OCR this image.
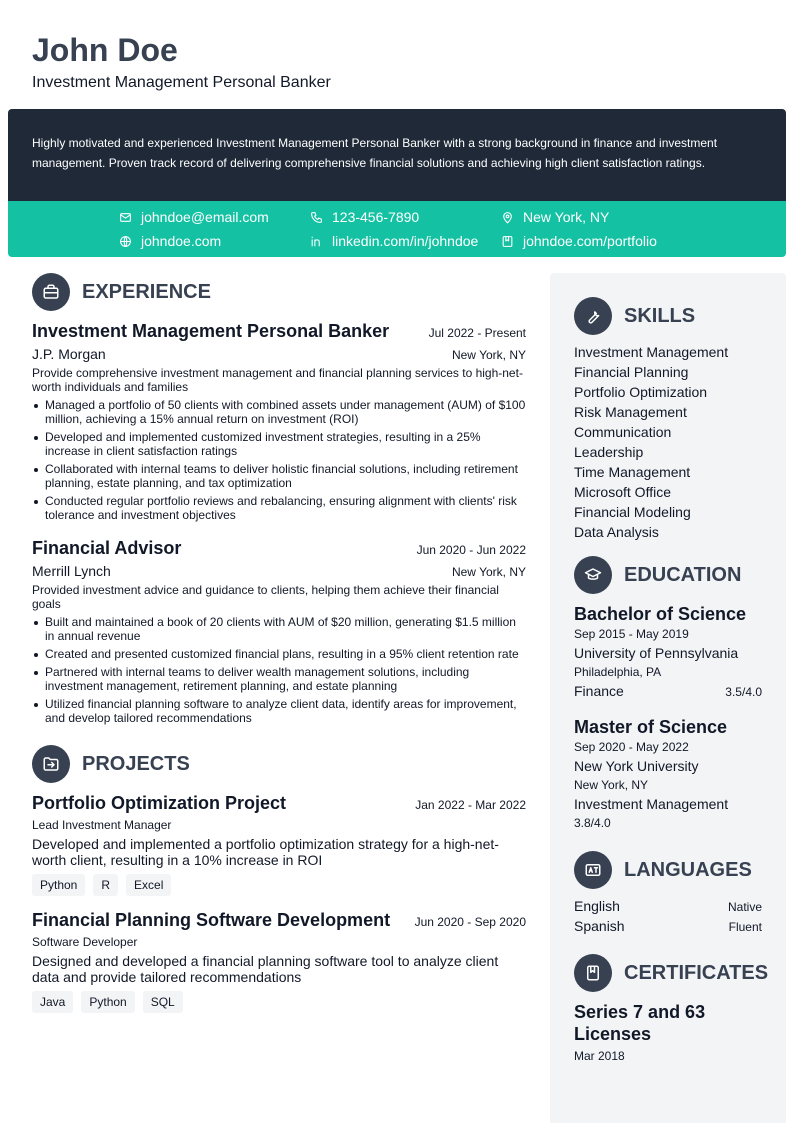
John Doe
Investment Management Personal Banker

Highly motivated and experienced Investment Management Personal Banker with a strong background in finance and investment management. Proven track record of delivering comprehensive financial solutions and achieving high client satisfaction ratings.

johndoe@email.com	123-456-7890	New York, NY
johndoe.com	linkedin.com/in/johndoe	johndoe.com/portfolio
EXPERIENCE
Investment Management Personal Banker	Jul 2022 - Present
J.P. Morgan	New York, NY
Provide comprehensive investment management and financial planning services to high-net-worth individuals and families
Managed a portfolio of 50 clients with combined assets under management (AUM) of $100 million, achieving a 15% annual return on investment (ROI)
Developed and implemented customized investment strategies, resulting in a 25% increase in client satisfaction ratings
Collaborated with internal teams to deliver holistic financial solutions, including retirement planning, estate planning, and tax optimization
Conducted regular portfolio reviews and rebalancing, ensuring alignment with clients' risk tolerance and investment objectives
Financial Advisor	Jun 2020 - Jun 2022
Merrill Lynch	New York, NY
Provided investment advice and guidance to clients, helping them achieve their financial goals
Built and maintained a book of 20 clients with AUM of $20 million, generating $1.5 million in annual revenue
Created and presented customized financial plans, resulting in a 95% client retention rate
Partnered with internal teams to deliver wealth management solutions, including investment management, retirement planning, and estate planning
Utilized financial planning software to analyze client data, identify areas for improvement, and develop tailored recommendations
PROJECTS
Portfolio Optimization Project	Jan 2022 - Mar 2022
Lead Investment Manager
Developed and implemented a portfolio optimization strategy for a high-net-worth client, resulting in a 10% increase in ROI
Python	R	Excel
Financial Planning Software Development Jun 2020 - Sep 2020
Software Developer
Designed and developed a financial planning software tool to analyze client data and provide tailored recommendations
Java	Python	SQL
SKILLS
Investment Management
Financial Planning
Portfolio Optimization
Risk Management
Communication
Leadership
Time Management
Microsoft Office
Financial Modeling
Data Analysis
EDUCATION
Bachelor of Science
Sep 2015 - May 2019
University of Pennsylvania
Philadelphia, PA
Finance	3.5/4.0
Master of Science
Sep 2020 - May 2022
New York University
New York, NY
Investment Management
3.8/4.0
LANGUAGES
English	Native
Spanish	Fluent
CERTIFICATES
Series 7 and 63 Licenses
Mar 2018
